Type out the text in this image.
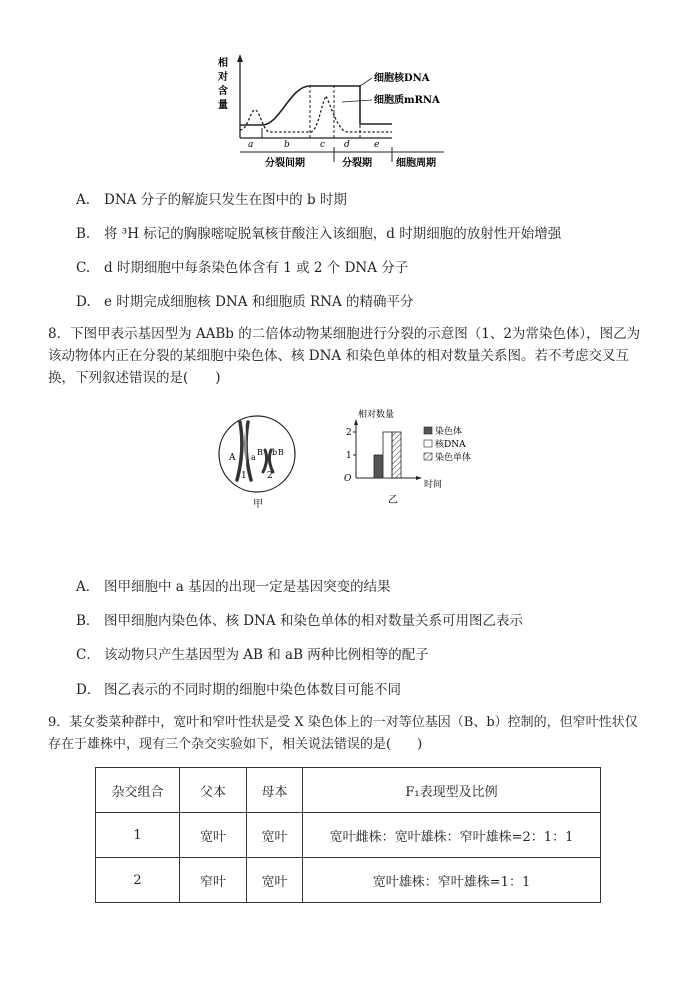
相
对
含
量
细胞核DNA
细胞质mRNA
a	b	c d	e
分裂间期	分裂期 细胞周期
A. DNA 分子的解旋只发生在图中的 b 时期
B. 将 ³H 标记的胸腺嘧啶脱氧核苷酸注入该细胞，d 时期细胞的放射性开始增强
C. d 时期细胞中每条染色体含有 1 或 2 个 DNA 分子
D. e 时期完成细胞核 DNA 和细胞质 RNA 的精确平分
8．下图甲表示基因型为 AABb 的二倍体动物某细胞进行分裂的示意图（1、2为常染色体），图乙为该动物体内正在分裂的某细胞中染色体、核 DNA 和染色单体的相对数量关系图。若不考虑交叉互换，下列叙述错误的是(　　)
A a
B b B
1 2
甲
相对数量
O
1
2
时间
染色体
核DNA
染色单体
乙
A． 图甲细胞中 a 基因的出现一定是基因突变的结果
B． 图甲细胞内染色体、核 DNA 和染色单体的相对数量关系可用图乙表示
C． 该动物只产生基因型为 AB 和 aB 两种比例相等的配子
D． 图乙表示的不同时期的细胞中染色体数目可能不同
9．某女娄菜种群中，宽叶和窄叶性状是受 X 染色体上的一对等位基因（B、b）控制的，但窄叶性状仅存在于雄株中，现有三个杂交实验如下，相关说法错误的是(　　)
杂交组合	父本	母本	F₁表现型及比例
1	宽叶	宽叶	宽叶雌株：宽叶雄株：窄叶雄株=2：1：1
2	窄叶	宽叶	宽叶雄株：窄叶雄株=1：1
